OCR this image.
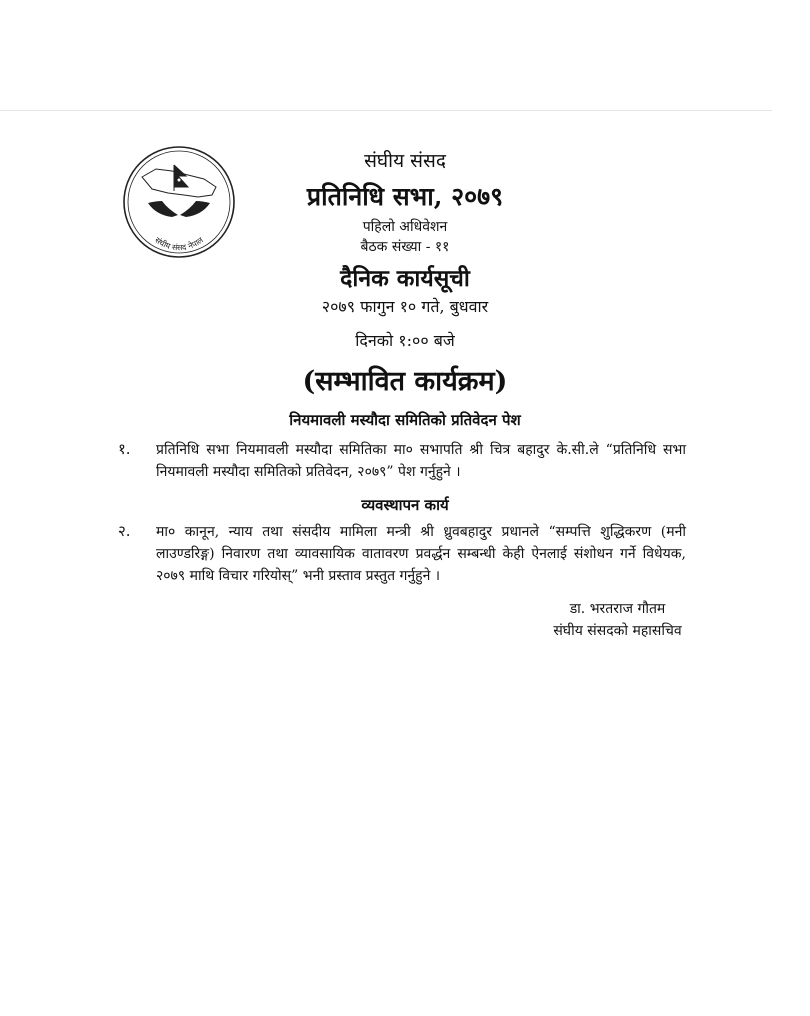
संघीय संसद नेपाल
संघीय संसद
प्रतिनिधि सभा, २०७९
पहिलो अधिवेशन
बैठक संख्या - ११
दैनिक कार्यसूची
२०७९ फागुन १० गते, बुधवार
दिनको १:०० बजे
(सम्भावित कार्यक्रम)
नियमावली मस्यौदा समितिको प्रतिवेदन पेश
१. प्रतिनिधि सभा नियमावली मस्यौदा समितिका मा० सभापति श्री चित्र बहादुर के.सी.ले “प्रतिनिधि सभा नियमावली मस्यौदा समितिको प्रतिवेदन, २०७९” पेश गर्नुहुने ।
व्यवस्थापन कार्य
२. मा० कानून, न्याय तथा संसदीय मामिला मन्त्री श्री ध्रुवबहादुर प्रधानले “सम्पत्ति शुद्धिकरण (मनी लाउण्डरिङ्ग) निवारण तथा व्यावसायिक वातावरण प्रवर्द्धन सम्बन्धी केही ऐनलाई संशोधन गर्ने विधेयक, २०७९ माथि विचार गरियोस्” भनी प्रस्ताव प्रस्तुत गर्नुहुने ।
डा. भरतराज गौतम
संघीय संसदको महासचिव
